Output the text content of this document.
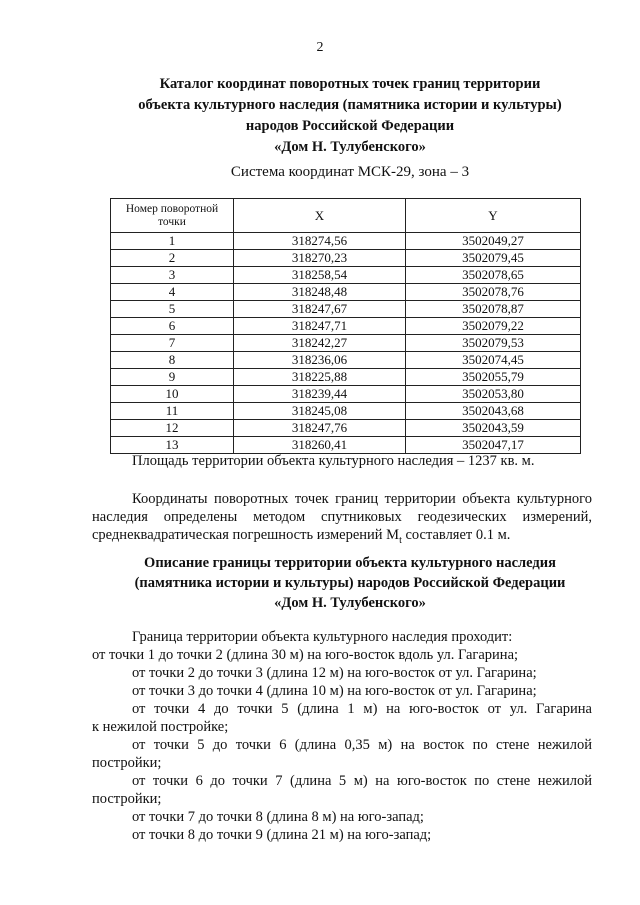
2
Каталог координат поворотных точек границ территории
объекта культурного наследия (памятника истории и культуры)
народов Российской Федерации
«Дом Н. Тулубенского»
Система координат МСК-29, зона – 3
Номер поворотной
точки	X	Y
1	318274,56	3502049,27
2	318270,23	3502079,45
3	318258,54	3502078,65
4	318248,48	3502078,76
5	318247,67	3502078,87
6	318247,71	3502079,22
7	318242,27	3502079,53
8	318236,06	3502074,45
9	318225,88	3502055,79
10	318239,44	3502053,80
11	318245,08	3502043,68
12	318247,76	3502043,59
13	318260,41	3502047,17
Площадь территории объекта культурного наследия – 1237 кв. м.
Координаты поворотных точек границ территории объекта культурного
наследия определены методом спутниковых геодезических измерений,
среднеквадратическая погрешность измерений $M_t$ составляет 0.1 м.
Описание границы территории объекта культурного наследия
(памятника истории и культуры) народов Российской Федерации
«Дом Н. Тулубенского»
Граница территории объекта культурного наследия проходит:
от точки 1 до точки 2 (длина 30 м) на юго-восток вдоль ул. Гагарина;
от точки 2 до точки 3 (длина 12 м) на юго-восток от ул. Гагарина;
от точки 3 до точки 4 (длина 10 м) на юго-восток от ул. Гагарина;
от точки 4 до точки 5 (длина 1 м) на юго-восток от ул. Гагарина
к нежилой постройке;
от точки 5 до точки 6 (длина 0,35 м) на восток по стене нежилой
постройки;
от точки 6 до точки 7 (длина 5 м) на юго-восток по стене нежилой
постройки;
от точки 7 до точки 8 (длина 8 м) на юго-запад;
от точки 8 до точки 9 (длина 21 м) на юго-запад;
